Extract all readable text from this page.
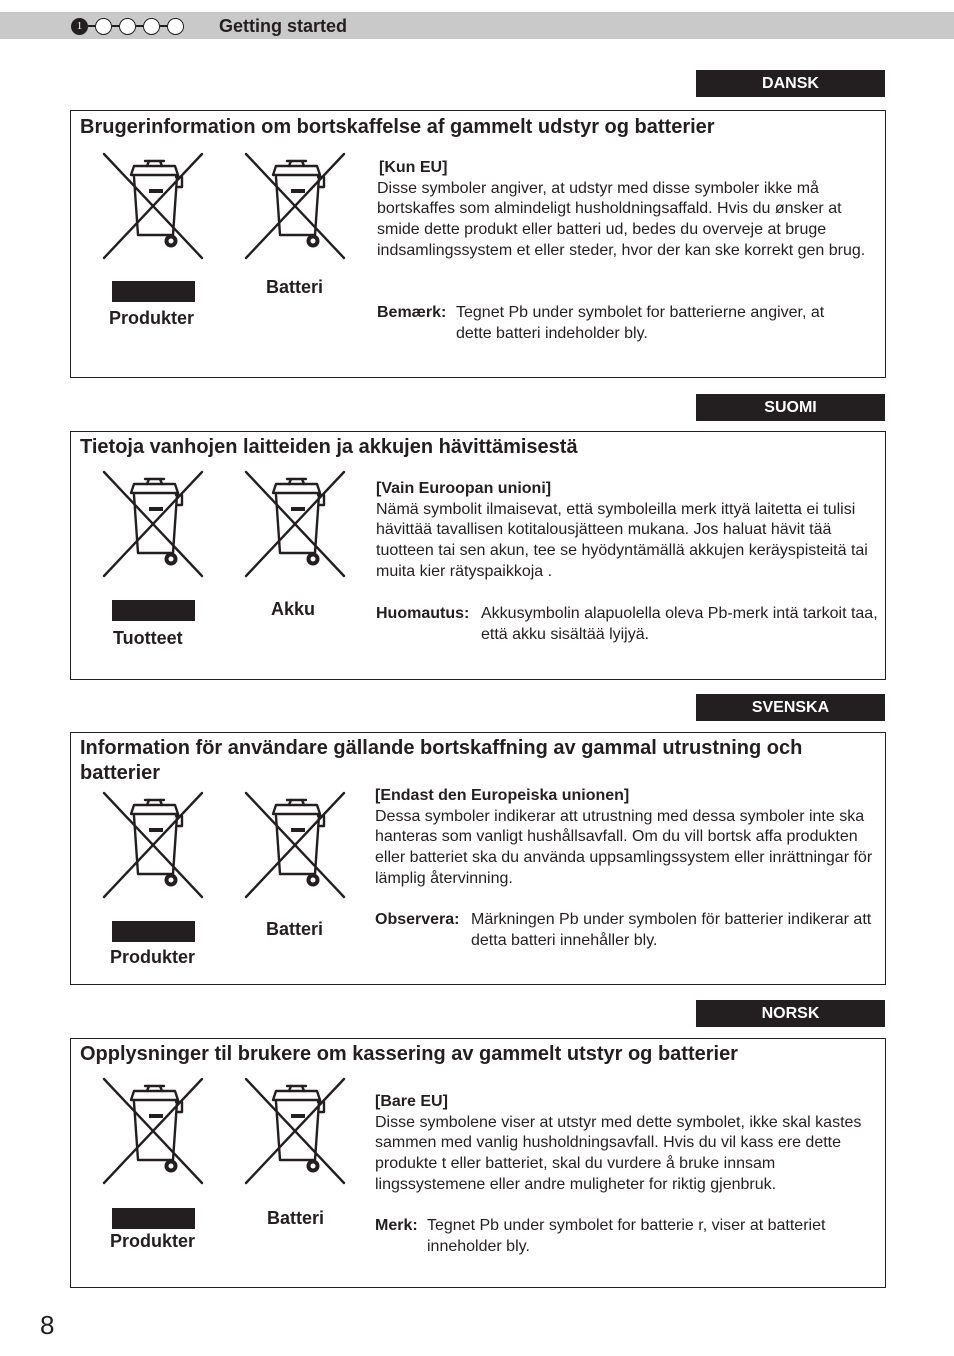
1	Getting started
DANSK
Brugerinformation om bortskaffelse af gammelt udstyr og batterier
Produkter
Batteri
[Kun EU]
Disse symboler angiver, at udstyr med disse symboler ikke må bortskaffes som almindeligt husholdningsaffald. Hvis du ønsker at smide dette produkt eller batteri ud, bedes du overveje at bruge indsamlingssystem et eller steder, hvor der kan ske korrekt gen brug.
Bemærk: Tegnet Pb under symbolet for batterierne angiver, at dette batteri indeholder bly.
SUOMI
Tietoja vanhojen laitteiden ja akkujen hävittämisestä
Tuotteet
Akku
[Vain Euroopan unioni]
Nämä symbolit ilmaisevat, että symboleilla merk ittyä laitetta ei tulisi hävittää tavallisen kotitalousjätteen mukana. Jos haluat hävit tää tuotteen tai sen akun, tee se hyödyntämällä akkujen keräyspisteitä tai muita kier rätyspaikkoja .
Huomautus: Akkusymbolin alapuolella oleva Pb-merk intä tarkoit taa, että akku sisältää lyijyä.
SVENSKA
Information för användare gällande bortskaffning av gammal utrustning och batterier
Produkter
Batteri
[Endast den Europeiska unionen]
Dessa symboler indikerar att utrustning med dessa symboler inte ska hanteras som vanligt hushållsavfall. Om du vill bortsk affa produkten eller batteriet ska du använda uppsamlingssystem eller inrättningar för lämplig återvinning.
Observera: Märkningen Pb under symbolen för batterier indikerar att detta batteri innehåller bly.
NORSK
Opplysninger til brukere om kassering av gammelt utstyr og batterier
Produkter
Batteri
[Bare EU]
Disse symbolene viser at utstyr med dette symbolet, ikke skal kastes sammen med vanlig husholdningsavfall. Hvis du vil kass ere dette produkte t eller batteriet, skal du vurdere å bruke innsam lingssystemene eller andre muligheter for riktig gjenbruk.
Merk: Tegnet Pb under symbolet for batterie r, viser at batteriet inneholder bly.
8
